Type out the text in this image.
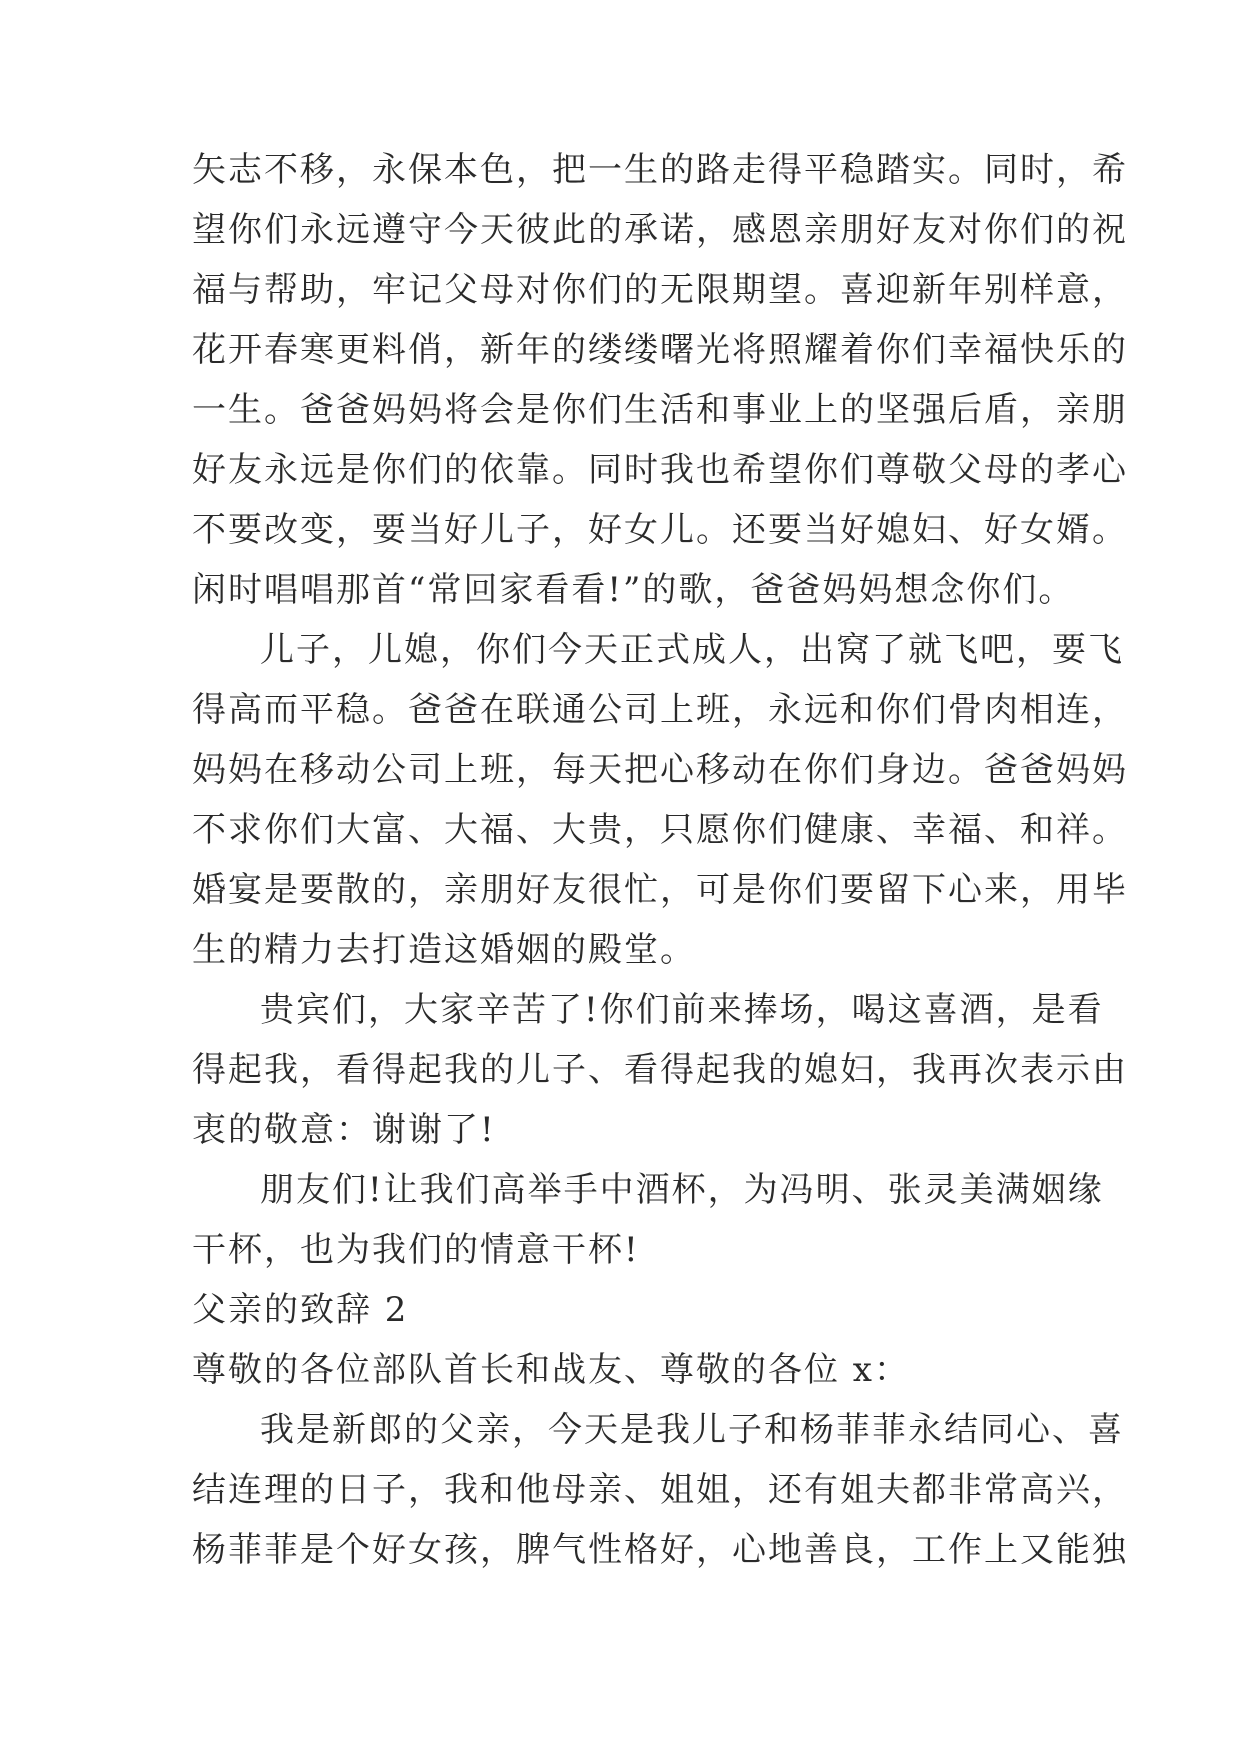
矢志不移，永保本色，把一生的路走得平稳踏实。同时，希
望你们永远遵守今天彼此的承诺，感恩亲朋好友对你们的祝
福与帮助，牢记父母对你们的无限期望。喜迎新年别样意，
花开春寒更料俏，新年的缕缕曙光将照耀着你们幸福快乐的
一生。爸爸妈妈将会是你们生活和事业上的坚强后盾，亲朋
好友永远是你们的依靠。同时我也希望你们尊敬父母的孝心
不要改变，要当好儿子，好女儿。还要当好媳妇、好女婿。
闲时唱唱那首“常回家看看!”的歌，爸爸妈妈想念你们。
儿子，儿媳，你们今天正式成人，出窝了就飞吧，要飞
得高而平稳。爸爸在联通公司上班，永远和你们骨肉相连，
妈妈在移动公司上班，每天把心移动在你们身边。爸爸妈妈
不求你们大富、大福、大贵，只愿你们健康、幸福、和祥。
婚宴是要散的，亲朋好友很忙，可是你们要留下心来，用毕
生的精力去打造这婚姻的殿堂。
贵宾们，大家辛苦了!你们前来捧场，喝这喜酒，是看
得起我，看得起我的儿子、看得起我的媳妇，我再次表示由
衷的敬意：谢谢了!
朋友们!让我们高举手中酒杯，为冯明、张灵美满姻缘
干杯，也为我们的情意干杯!
父亲的致辞 2
尊敬的各位部队首长和战友、尊敬的各位 x：
我是新郎的父亲，今天是我儿子和杨菲菲永结同心、喜
结连理的日子，我和他母亲、姐姐，还有姐夫都非常高兴，
杨菲菲是个好女孩，脾气性格好，心地善良，工作上又能独
